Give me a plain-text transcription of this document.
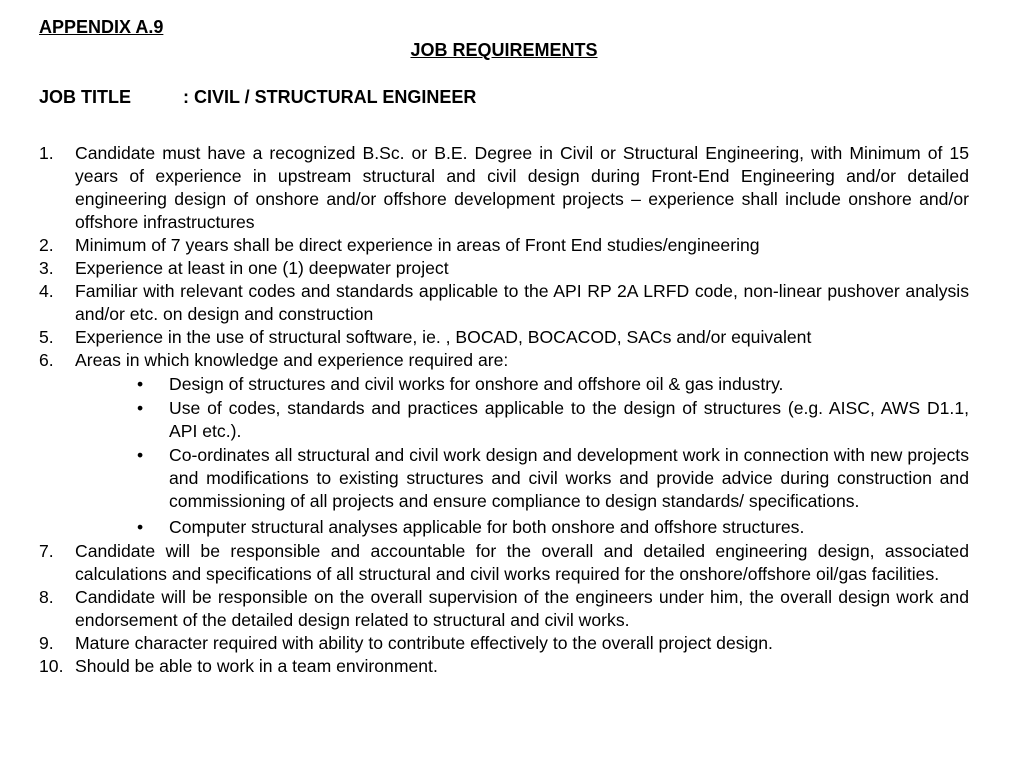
APPENDIX A.9
JOB REQUIREMENTS
JOB TITLE	: CIVIL / STRUCTURAL ENGINEER
1. Candidate must have a recognized B.Sc. or B.E. Degree in Civil or Structural Engineering, with Minimum of 15 years of experience in upstream structural and civil design during Front-End Engineering and/or detailed engineering design of onshore and/or offshore development projects – experience shall include onshore and/or offshore infrastructures
2. Minimum of 7 years shall be direct experience in areas of Front End studies/engineering
3. Experience at least in one (1) deepwater project
4. Familiar with relevant codes and standards applicable to the API RP 2A LRFD code, non-linear pushover analysis and/or etc. on design and construction
5. Experience in the use of structural software, ie. , BOCAD, BOCACOD, SACs and/or equivalent
6. Areas in which knowledge and experience required are:
• Design of structures and civil works for onshore and offshore oil & gas industry.
• Use of codes, standards and practices applicable to the design of structures (e.g. AISC, AWS D1.1, API etc.).
• Co-ordinates all structural and civil work design and development work in connection with new projects and modifications to existing structures and civil works and provide advice during construction and commissioning of all projects and ensure compliance to design standards/ specifications.
• Computer structural analyses applicable for both onshore and offshore structures.
7. Candidate will be responsible and accountable for the overall and detailed engineering design, associated calculations and specifications of all structural and civil works required for the onshore/offshore oil/gas facilities.
8. Candidate will be responsible on the overall supervision of the engineers under him, the overall design work and endorsement of the detailed design related to structural and civil works.
9. Mature character required with ability to contribute effectively to the overall project design.
10. Should be able to work in a team environment.
